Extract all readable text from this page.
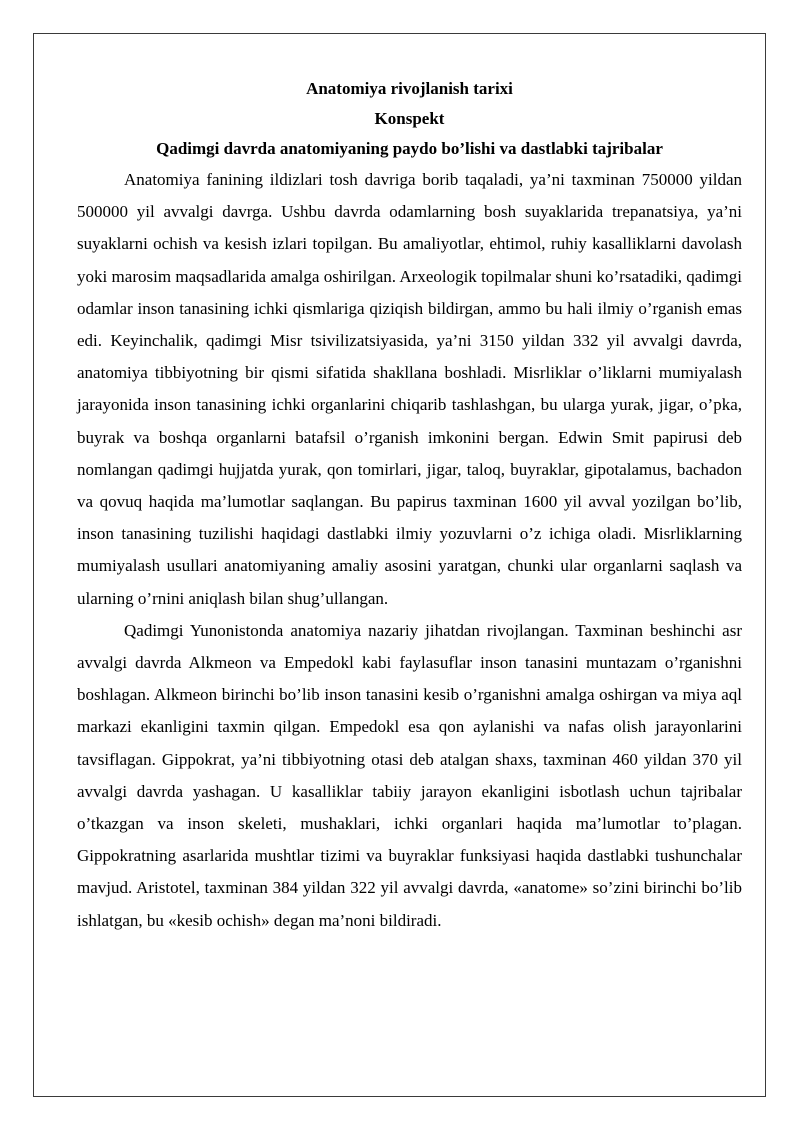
Anatomiya rivojlanish tarixi

Konspekt

Qadimgi davrda anatomiyaning paydo bo’lishi va dastlabki tajribalar

Anatomiya fanining ildizlari tosh davriga borib taqaladi, ya’ni taxminan 750000 yildan 500000 yil avvalgi davrga. Ushbu davrda odamlarning bosh suyaklarida trepanatsiya, ya’ni suyaklarni ochish va kesish izlari topilgan. Bu amaliyotlar, ehtimol, ruhiy kasalliklarni davolash yoki marosim maqsadlarida amalga oshirilgan. Arxeologik topilmalar shuni ko’rsatadiki, qadimgi odamlar inson tanasining ichki qismlariga qiziqish bildirgan, ammo bu hali ilmiy o’rganish emas edi. Keyinchalik, qadimgi Misr tsivilizatsiyasida, ya’ni 3150 yildan 332 yil avvalgi davrda, anatomiya tibbiyotning bir qismi sifatida shakllana boshladi. Misrliklar o’liklarni mumiyalash jarayonida inson tanasining ichki organlarini chiqarib tashlashgan, bu ularga yurak, jigar, o’pka, buyrak va boshqa organlarni batafsil o’rganish imkonini bergan. Edwin Smit papirusi deb nomlangan qadimgi hujjatda yurak, qon tomirlari, jigar, taloq, buyraklar, gipotalamus, bachadon va qovuq haqida ma’lumotlar saqlangan. Bu papirus taxminan 1600 yil avval yozilgan bo’lib, inson tanasining tuzilishi haqidagi dastlabki ilmiy yozuvlarni o’z ichiga oladi. Misrliklarning mumiyalash usullari anatomiyaning amaliy asosini yaratgan, chunki ular organlarni saqlash va ularning o’rnini aniqlash bilan shug’ullangan.

Qadimgi Yunonistonda anatomiya nazariy jihatdan rivojlangan. Taxminan beshinchi asr avvalgi davrda Alkmeon va Empedokl kabi faylasuflar inson tanasini muntazam o’rganishni boshlagan. Alkmeon birinchi bo’lib inson tanasini kesib o’rganishni amalga oshirgan va miya aql markazi ekanligini taxmin qilgan. Empedokl esa qon aylanishi va nafas olish jarayonlarini tavsiflagan. Gippokrat, ya’ni tibbiyotning otasi deb atalgan shaxs, taxminan 460 yildan 370 yil avvalgi davrda yashagan. U kasalliklar tabiiy jarayon ekanligini isbotlash uchun tajribalar o’tkazgan va inson skeleti, mushaklari, ichki organlari haqida ma’lumotlar to’plagan. Gippokratning asarlarida mushtlar tizimi va buyraklar funksiyasi haqida dastlabki tushunchalar mavjud. Aristotel, taxminan 384 yildan 322 yil avvalgi davrda, «anatome» so’zini birinchi bo’lib ishlatgan, bu «kesib ochish» degan ma’noni bildiradi.
